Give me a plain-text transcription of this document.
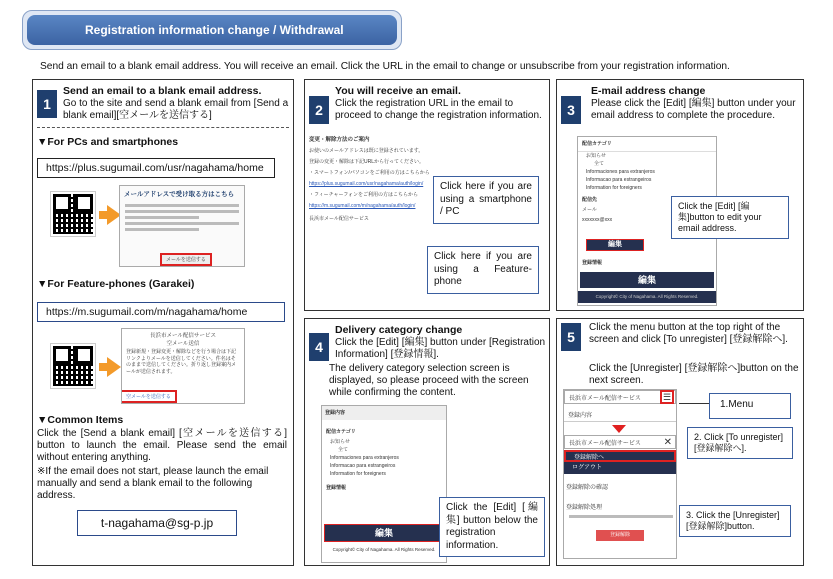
Registration information change / Withdrawal
Send an email to a blank email address. You will receive an email. Click the URL in the email to change or unsubscribe from your registration information.
1
Send an email to a blank email address.
Go to the site and send a blank email from [Send a blank email][空メールを送信する]
▼For PCs and smartphones
https://plus.sugumail.com/usr/nagahama/home
メールアドレスで受け取る方はこちら
メールを送信する
▼For Feature-phones (Garakei)
https://m.sugumail.com/m/nagahama/home
長浜市メール配信サービス
空メール送信
登録新規・登録変更・解除などを行う場合は下記リンクよりメールを送信してください。件名はそのままで送信してください。折り返し登録案内メールが送信されます。
空メールを送信する
▼Common Items
Click the [Send a blank email] [空メールを送信する] button to launch the email. Please send the email without entering anything.
※If the email does not start, please launch the email manually and send a blank email to the following address.
t-nagahama@sg-p.jp
2
You will receive an email.
Click the registration URL in the email to proceed to change the registration information.
変更・解除方法のご案内
お使いのメールアドレスは既に登録されています。
登録の変更・解除は下記URLから行ってください。
・スマートフォン/パソコンをご利用の方はこちらから
https://plus.sugumail.com/usr/nagahama/auth/login/
・フィーチャーフォンをご利用の方はこちらから
https://m.sugumail.com/m/nagahama/auth/login/
長浜市メール配信サービス
Click here if you are using a smartphone / PC
Click here if you are using a Feature-phone
3
E-mail address change
Please click the [Edit] [編集] button under your email address to complete the procedure.
配信カテゴリ
お知らせ
全て
Informaciones para extranjeros
Informacao para estrangeiros
Information for foreigners
配信先
メール
xxxxxxx@xxx
編集
登録情報
編集
Copyright© City of Nagahama. All Rights Reserved.
Click the [Edit] [編集]button to edit your email address.
4
Delivery category change
Click the [Edit] [編集] button under [Registration Information] [登録情報].
The delivery category selection screen is displayed, so please proceed with the screen while confirming the content.
登録内容
配信カテゴリ
お知らせ
全て
Informaciones para extranjeros
Informacao para estrangeiros
Information for foreigners
登録情報
編集
Copyright© City of Nagahama. All Rights Reserved.
Click the [Edit] [編集] button below the registration information.
5
Click the menu button at the top right of the screen and click [To unregister] [登録解除へ].
Click the [Unregister] [登録解除へ]button on the next screen.
長浜市メール配信サービス	☰
登録内容
長浜市メール配信サービス ✕
登録解除へ
ログアウト
登録解除の確認
登録解除処理
登録解除
1.Menu
2. Click [To unregister] [登録解除へ].
3. Click the [Unregister] [登録解除]button.
